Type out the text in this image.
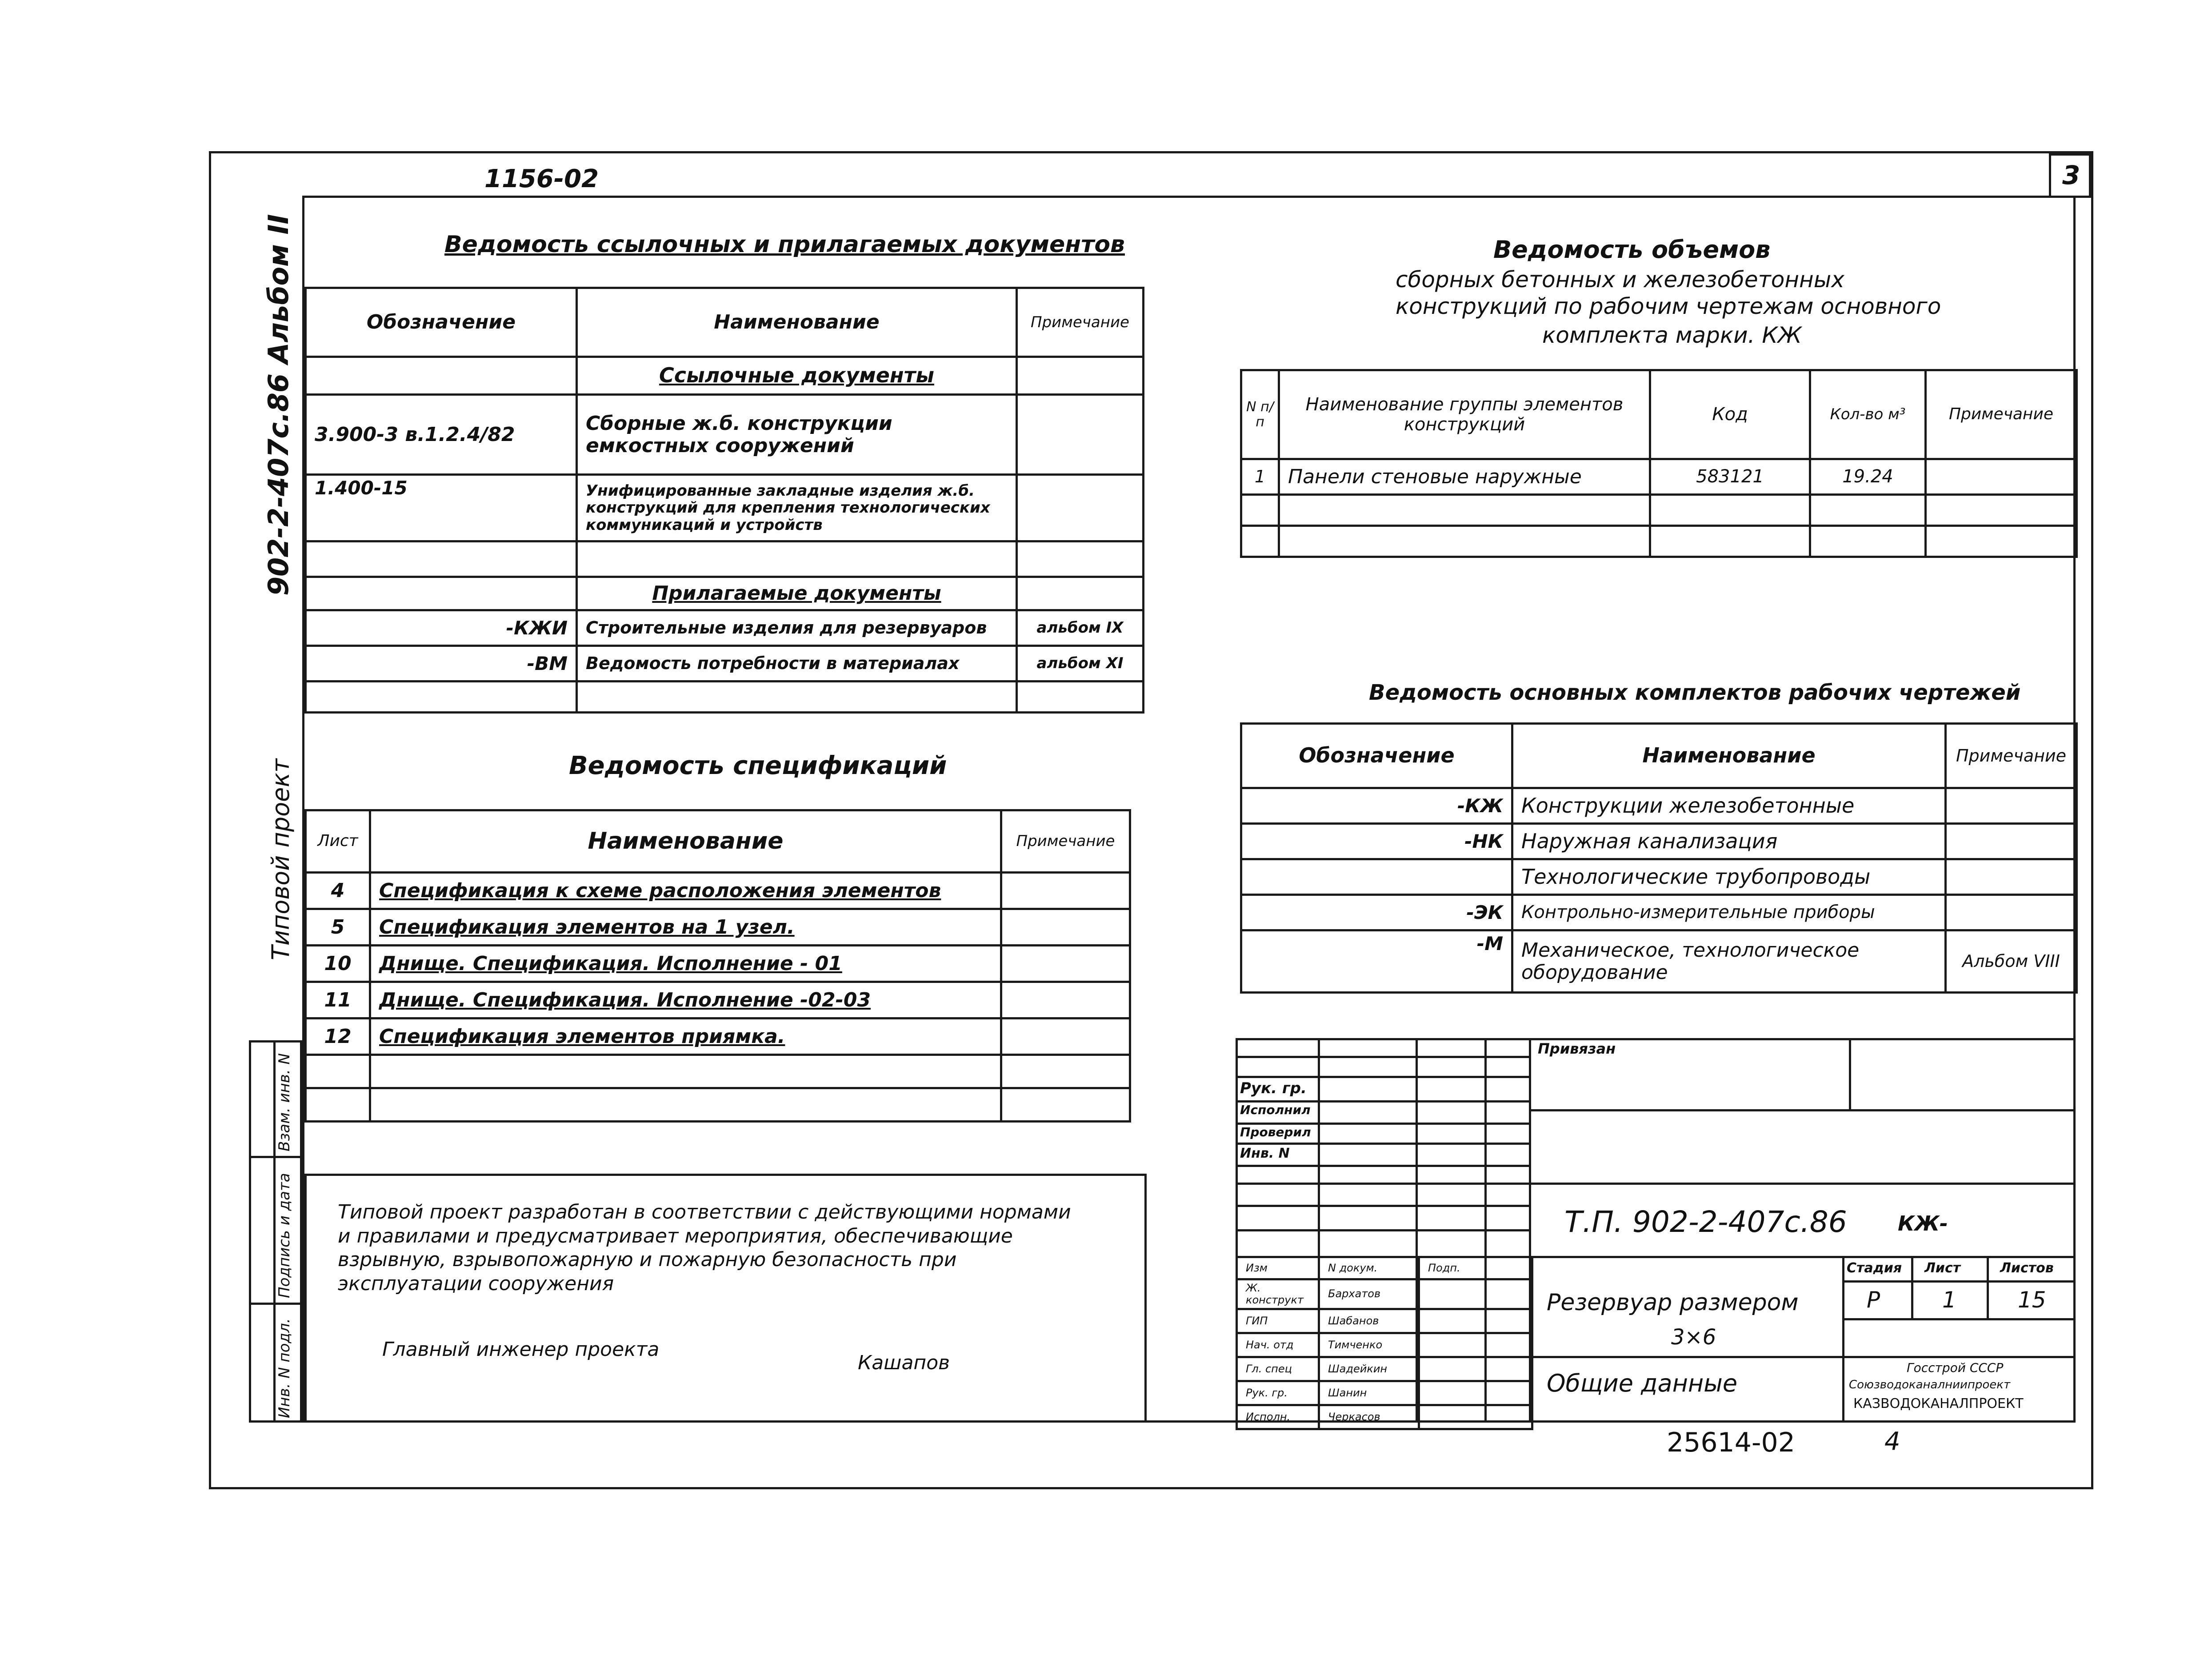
3
1156-02
902-2-407с.86 Альбом II
Типовой проект
Взам. инв. N
Подпись и дата
Инв. N подл.
Ведомость ссылочных и прилагаемых документов
Обозначение	Наименование	Примечание
	Ссылочные документы	
3.900-3 в.1.2.4/82	Сборные ж.б. конструкции емкостных сооружений	
1.400-15	Унифицированные закладные изделия ж.б. конструкций для крепления технологических коммуникаций и устройств	

	Прилагаемые документы	
-КЖИ	Строительные изделия для резервуаров	альбом IX
-ВМ	Ведомость потребности в материалах	альбом XI

Ведомость спецификаций
Лист	Наименование	Примечание
4	Спецификация к схеме расположения элементов	
5	Спецификация элементов на 1 узел.	
10	Днище. Спецификация. Исполнение - 01	
11	Днище. Спецификация. Исполнение -02-03	
12	Спецификация элементов приямка.	

Типовой проект разработан в соответствии с действующими нормами и правилами и предусматривает мероприятия, обеспечивающие взрывную, взрывопожарную и пожарную безопасность при эксплуатации сооружения
Главный инженер проекта
Кашапов
Ведомость объемов
сборных бетонных и железобетонных
конструкций по рабочим чертежам основного
комплекта марки. КЖ
N п/п	Наименование группы элементов конструкций	Код	Кол-во м³	Примечание
1	Панели стеновые наружные	583121	19.24	

Ведомость основных комплектов рабочих чертежей
Обозначение	Наименование	Примечание
-КЖ	Конструкции железобетонные	
-НК	Наружная канализация	
	Технологические трубопроводы	
-ЭК	Контрольно-измерительные приборы	
-М	Механическое, технологическое оборудование	Альбом VIII
Привязан
Рук. гр.
Исполнил
Проверил
Инв. N
Т.П. 902-2-407с.86 КЖ-
Изм	N докум.	Подп.
Ж. конструкт	Бархатов	
ГИП	Шабанов	
Нач. отд	Тимченко	
Гл. спец	Шадейкин	
Рук. гр.	Шанин	
Исполн.	Черкасов	
Резервуар размером
3×6
Общие данные
Стадия Лист	Листов
Р	1	15
Госстрой СССР
Союзводоканалниипроект
КАЗВОДОКАНАЛПРОЕКТ
25614-02	4
